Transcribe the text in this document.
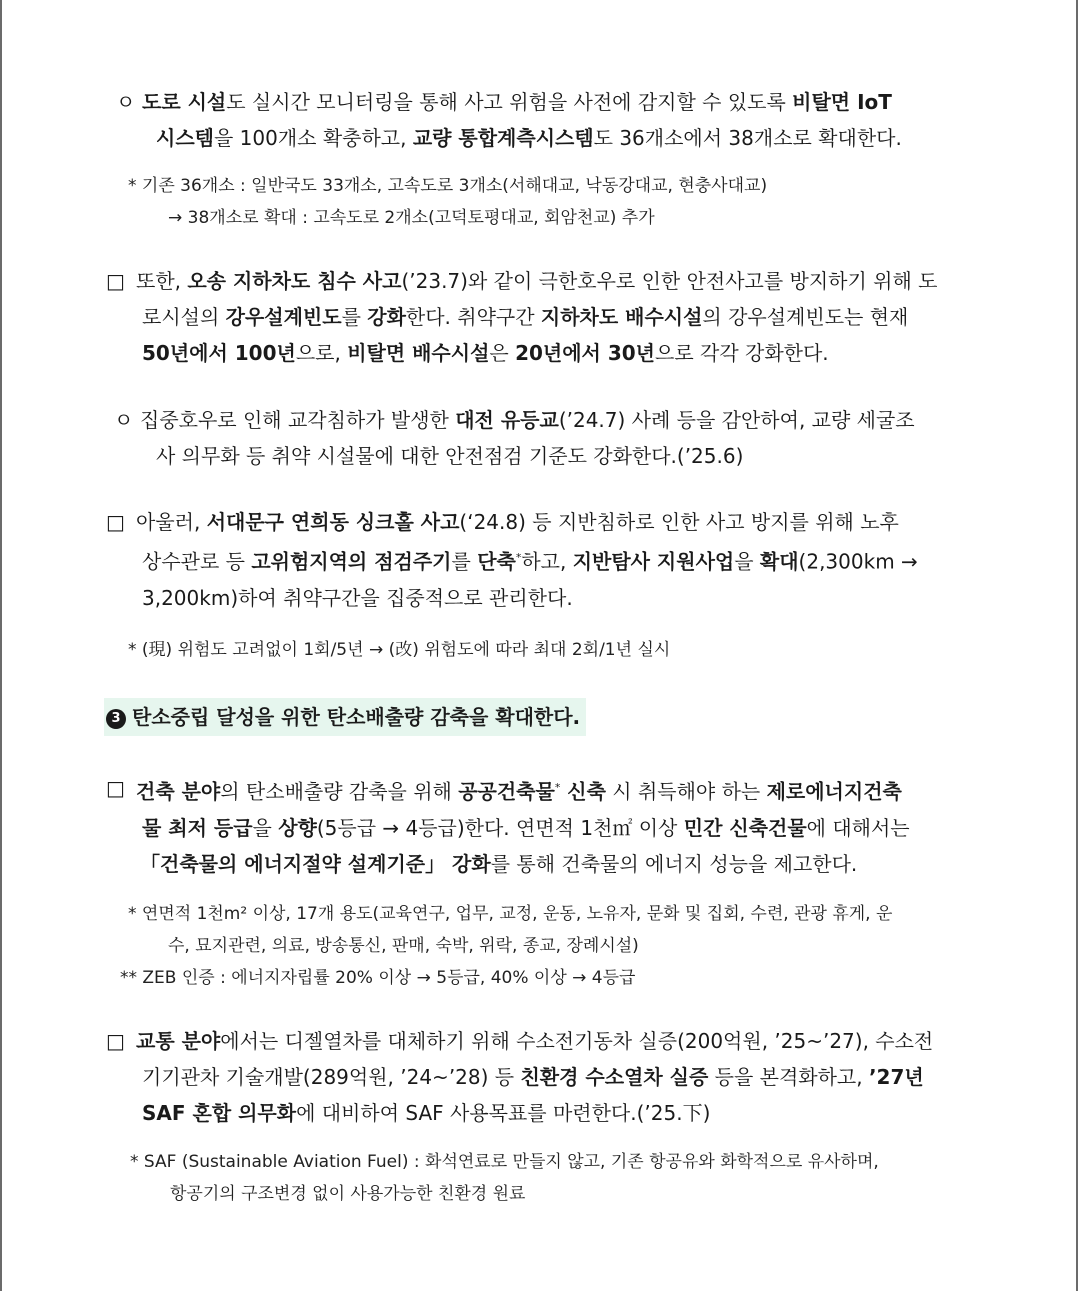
ㅇ 도로 시설도 실시간 모니터링을 통해 사고 위험을 사전에 감지할 수 있도록 비탈면 IoT
시스템을 100개소 확충하고, 교량 통합계측시스템도 36개소에서 38개소로 확대한다.
* 기존 36개소 : 일반국도 33개소, 고속도로 3개소(서해대교, 낙동강대교, 현충사대교)
→ 38개소로 확대 : 고속도로 2개소(고덕토평대교, 회암천교) 추가
□ 또한, 오송 지하차도 침수 사고(’23.7)와 같이 극한호우로 인한 안전사고를 방지하기 위해 도
로시설의 강우설계빈도를 강화한다. 취약구간 지하차도 배수시설의 강우설계빈도는 현재
50년에서 100년으로, 비탈면 배수시설은 20년에서 30년으로 각각 강화한다.
ㅇ 집중호우로 인해 교각침하가 발생한 대전 유등교(’24.7) 사례 등을 감안하여, 교량 세굴조
사 의무화 등 취약 시설물에 대한 안전점검 기준도 강화한다.(’25.6)
□ 아울러, 서대문구 연희동 싱크홀 사고(‘24.8) 등 지반침하로 인한 사고 방지를 위해 노후
상수관로 등 고위험지역의 점검주기를 단축*하고, 지반탐사 지원사업을 확대(2,300km →
3,200km)하여 취약구간을 집중적으로 관리한다.
* (現) 위험도 고려없이 1회/5년 → (改) 위험도에 따라 최대 2회/1년 실시
3 탄소중립 달성을 위한 탄소배출량 감축을 확대한다.
□ 건축 분야의 탄소배출량 감축을 위해 공공건축물* 신축 시 취득해야 하는 제로에너지건축
물 최저 등급을 상향(5등급 → 4등급)한다. 연면적 1천㎡ 이상 민간 신축건물에 대해서는
「건축물의 에너지절약 설계기준」 강화를 통해 건축물의 에너지 성능을 제고한다.
* 연면적 1천m² 이상, 17개 용도(교육연구, 업무, 교정, 운동, 노유자, 문화 및 집회, 수련, 관광 휴게, 운
수, 묘지관련, 의료, 방송통신, 판매, 숙박, 위락, 종교, 장례시설)
** ZEB 인증 : 에너지자립률 20% 이상 → 5등급, 40% 이상 → 4등급
□ 교통 분야에서는 디젤열차를 대체하기 위해 수소전기동차 실증(200억원, ’25~’27), 수소전
기기관차 기술개발(289억원, ’24~’28) 등 친환경 수소열차 실증 등을 본격화하고, ’27년
SAF 혼합 의무화에 대비하여 SAF 사용목표를 마련한다.(’25.下)
* SAF (Sustainable Aviation Fuel) : 화석연료로 만들지 않고, 기존 항공유와 화학적으로 유사하며,
항공기의 구조변경 없이 사용가능한 친환경 원료
